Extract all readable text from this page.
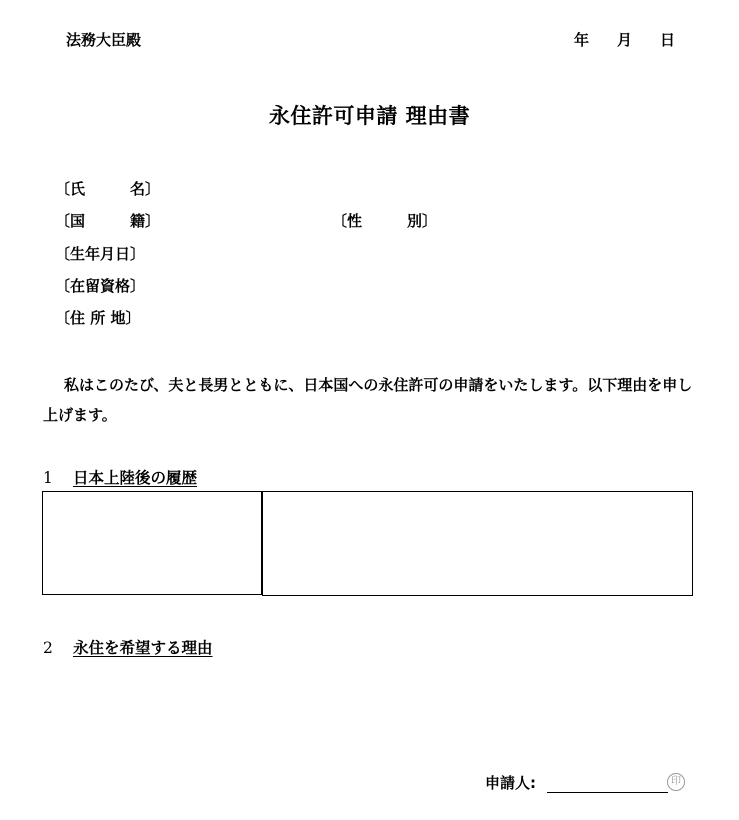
法務大臣殿	年 月 日
永住許可申請 理由書
〔氏　　　名〕
〔国　　　籍〕	〔性　　　別〕
〔生年月日〕
〔在留資格〕
〔住 所 地〕
私はこのたび、夫と長男とともに、日本国への永住許可の申請をいたします。以下理由を申し上げます。
1 日本上陸後の履歴
2 永住を希望する理由
申請人:	印
